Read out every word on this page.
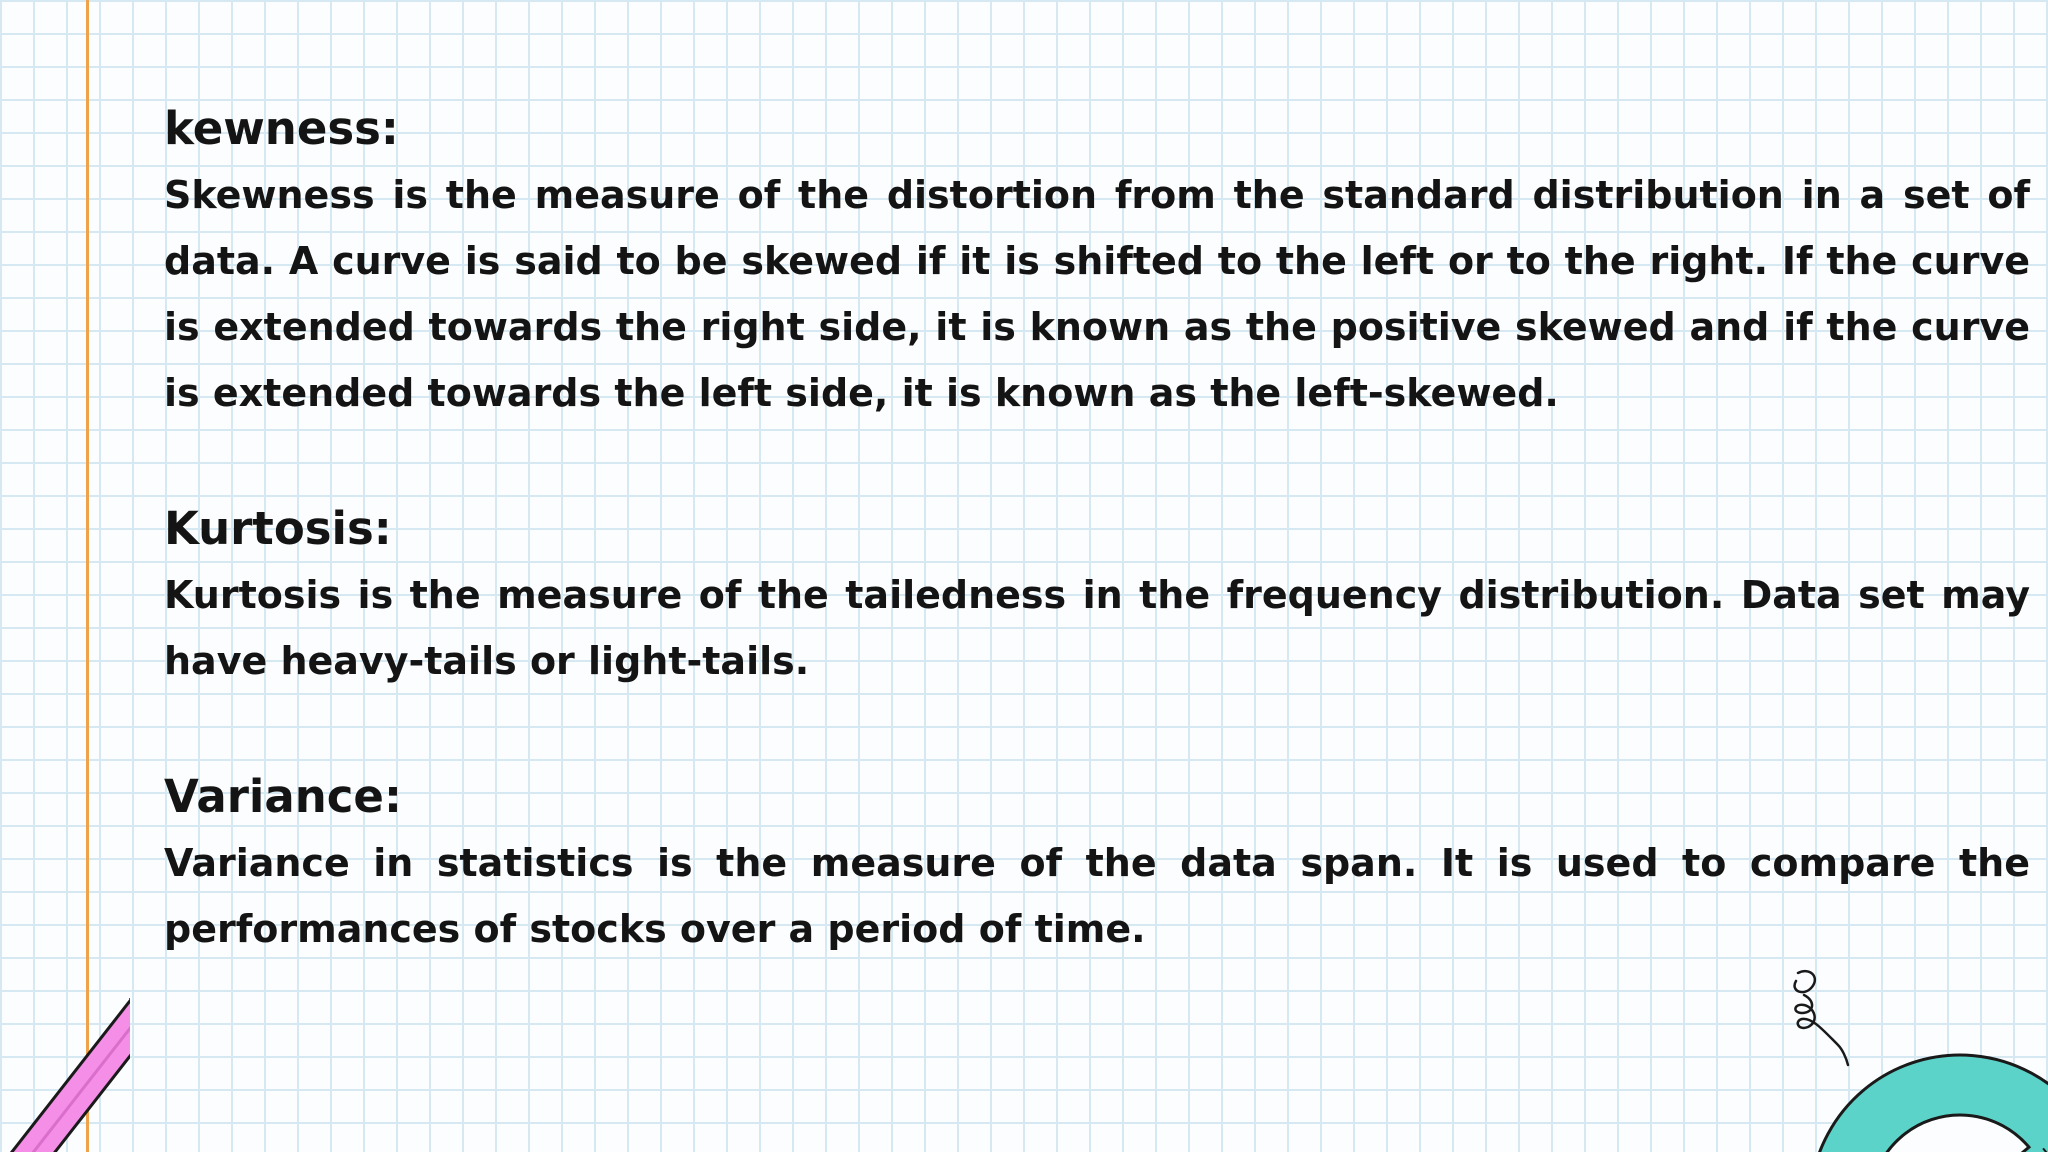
kewness:

Skewness is the measure of the distortion from the standard distribution in a set of data. A curve is said to be skewed if it is shifted to the left or to the right. If the curve is extended towards the right side, it is known as the positive skewed and if the curve is extended towards the left side, it is known as the left-skewed.

Kurtosis:

Kurtosis is the measure of the tailedness in the frequency distribution. Data set may have heavy-tails or light-tails.

Variance:

Variance in statistics is the measure of the data span. It is used to compare the performances of stocks over a period of time.
